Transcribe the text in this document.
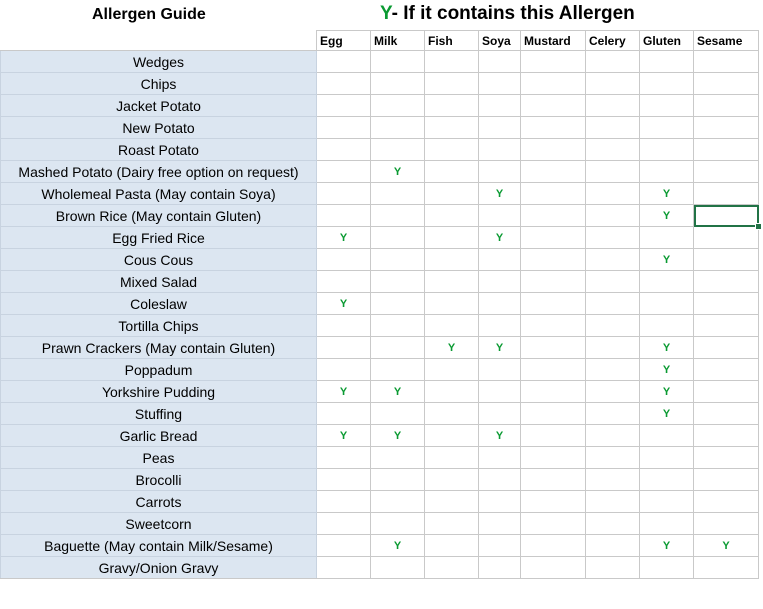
Allergen Guide	Y- If it contains this Allergen
	Egg	Milk	Fish	Soya	Mustard	Celery	Gluten	Sesame
Wedges								
Chips								
Jacket Potato								
New Potato								
Roast Potato								
Mashed Potato (Dairy free option on request)		Y						
Wholemeal Pasta (May contain Soya)				Y			Y	
Brown Rice (May contain Gluten)							Y	
Egg Fried Rice	Y			Y				
Cous Cous							Y	
Mixed Salad								
Coleslaw	Y							
Tortilla Chips								
Prawn Crackers (May contain Gluten)			Y	Y			Y	
Poppadum							Y	
Yorkshire Pudding	Y	Y					Y	
Stuffing							Y	
Garlic Bread	Y	Y		Y				
Peas								
Brocolli								
Carrots								
Sweetcorn								
Baguette (May contain Milk/Sesame)		Y					Y	Y
Gravy/Onion Gravy								
